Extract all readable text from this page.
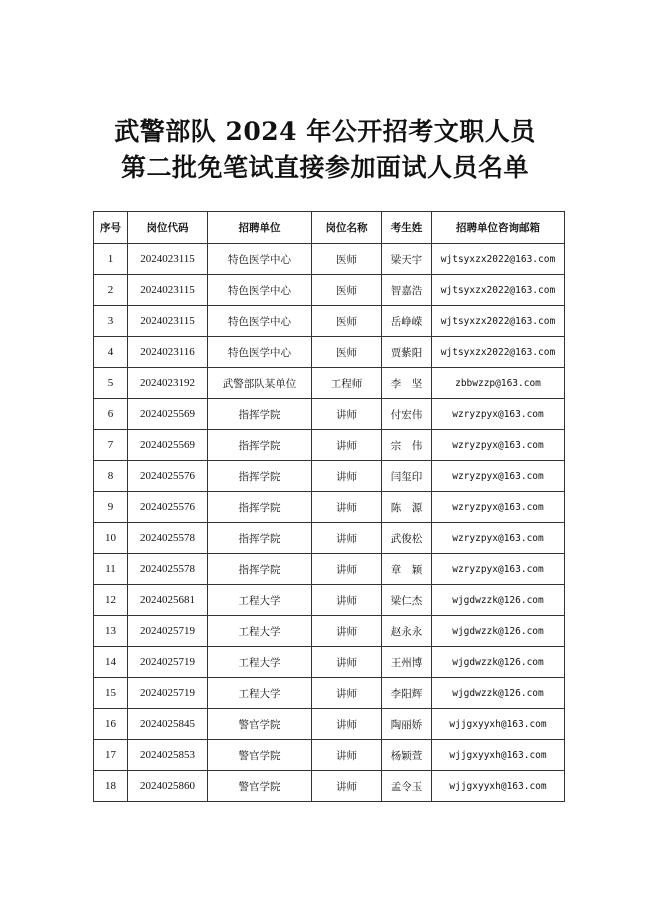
武警部队 2024 年公开招考文职人员
第二批免笔试直接参加面试人员名单
序号	岗位代码	招聘单位	岗位名称	考生姓	招聘单位咨询邮箱
1	2024023115	特色医学中心	医师	梁天宇	wjtsyxzx2022@163.com
2	2024023115	特色医学中心	医师	智嘉浩	wjtsyxzx2022@163.com
3	2024023115	特色医学中心	医师	岳峥嵘	wjtsyxzx2022@163.com
4	2024023116	特色医学中心	医师	贾紫阳	wjtsyxzx2022@163.com
5	2024023192	武警部队某单位	工程师	李　坚	zbbwzzp@163.com
6	2024025569	指挥学院	讲师	付宏伟	wzryzpyx@163.com
7	2024025569	指挥学院	讲师	宗　伟	wzryzpyx@163.com
8	2024025576	指挥学院	讲师	闫玺印	wzryzpyx@163.com
9	2024025576	指挥学院	讲师	陈　源	wzryzpyx@163.com
10	2024025578	指挥学院	讲师	武俊松	wzryzpyx@163.com
11	2024025578	指挥学院	讲师	章　颖	wzryzpyx@163.com
12	2024025681	工程大学	讲师	梁仁杰	wjgdwzzk@126.com
13	2024025719	工程大学	讲师	赵永永	wjgdwzzk@126.com
14	2024025719	工程大学	讲师	王州博	wjgdwzzk@126.com
15	2024025719	工程大学	讲师	李阳辉	wjgdwzzk@126.com
16	2024025845	警官学院	讲师	陶丽娇	wjjgxyyxh@163.com
17	2024025853	警官学院	讲师	杨颖萱	wjjgxyyxh@163.com
18	2024025860	警官学院	讲师	孟令玉	wjjgxyyxh@163.com
